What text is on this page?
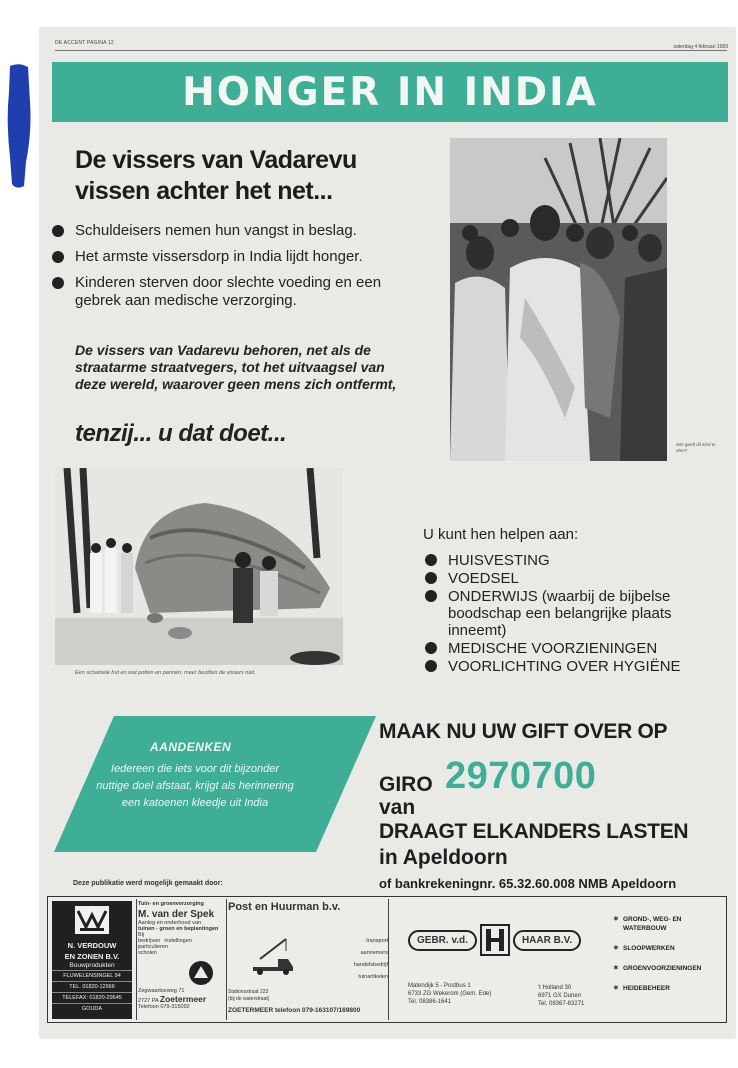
DE ACCENT PAGINA 12
zaterdag 4 februari 1989
HONGER IN INDIA
De vissers van Vadarevu
vissen achter het net...
Schuldeisers nemen hun vangst in beslag.
Het armste vissersdorp in India lijdt honger.
Kinderen sterven door slechte voeding en een gebrek aan medische verzorging.
De vissers van Vadarevu behoren, net als de straatarme straatvegers, tot het uitvaagsel van deze wereld, waarover geen mens zich ontfermt,
tenzij... u dat doet...	Wie geeft dit kind te eten?
Een schamele hut en wat potten en pannen, meer bezitten de vissers niet.
U kunt hen helpen aan:
HUISVESTING
VOEDSEL
ONDERWIJS (waarbij de bijbelse boodschap een belangrijke plaats inneemt)
MEDISCHE VOORZIENINGEN
VOORLICHTING OVER HYGIËNE
AANDENKEN
Iedereen die iets voor dit bijzonder nuttige doel afstaat, krijgt als herinnering een katoenen kleedje uit India
MAAK NU UW GIFT OVER OP
GIRO 2970700
van
DRAAGT ELKANDERS LASTEN
in Apeldoorn
of bankrekeningnr. 65.32.60.008 NMB Apeldoorn
Deze publikatie werd mogelijk gemaakt door:
N. VERDOUW
EN ZONEN B.V.
Bouwprodukten
FLUWELENSINGEL 94
TEL. 01820-12566
TELEFAX: 01820-29645
GOUDA
Tuin- en groenverzorging
M. van der Spek
Aanleg en onderhoud van
tuinen - groen en beplantingen
Bij
bedrijven instellingen
particulieren
scholen
Zegwaartseweg 71
2727 PA Zoetermeer
Telefoon 079-315092
Post en Huurman b.v.
transport
aannemers
handelsbedrijf
tuinartikelen
Stationsstraat 223
(bij de waterstraat)
ZOETERMEER telefoon 079-163107/169800
GEBR. v.d.	HAAR B.V.
Matendijk 5 - Postbus 1
6733 ZG Wekerom (Gem. Ede)
Tel. 08386-1641
't Holland 30
6971 GX Dunen
Tel. 08367-83271
✶ GROND-, WEG- EN WATERBOUW
✶ SLOOPWERKEN
✶ GROENVOORZIENINGEN
✶ HEIDEBEHEER
